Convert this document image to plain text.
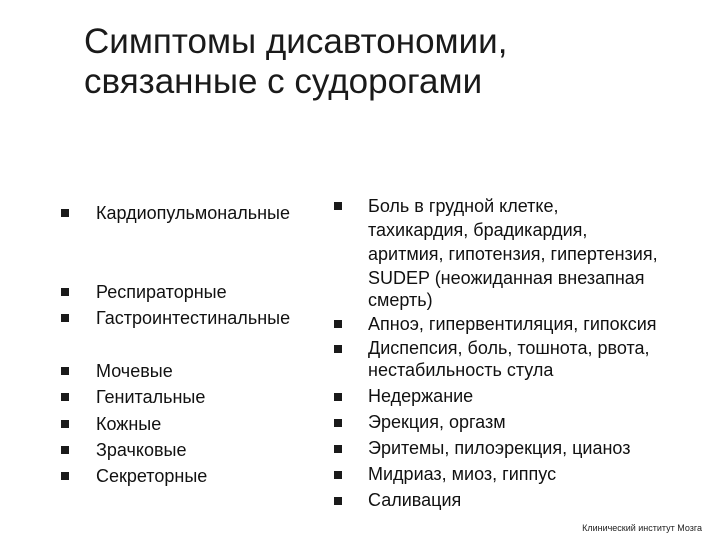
Симптомы дисавтономии,
связанные с судорогами
Кардиопульмональные
Респираторные
Гастроинтестинальные
Мочевые
Генитальные
Кожные
Зрачковые
Секреторные
Боль в грудной клетке,
тахикардия, брадикардия,
аритмия, гипотензия, гипертензия,
SUDEP (неожиданная внезапная
смерть)
Апноэ, гипервентиляция, гипоксия
Диспепсия, боль, тошнота, рвота,
нестабильность стула
Недержание
Эрекция, оргазм
Эритемы, пилоэрекция, цианоз
Мидриаз, миоз, гиппус
Саливация
Клинический институт Мозга
